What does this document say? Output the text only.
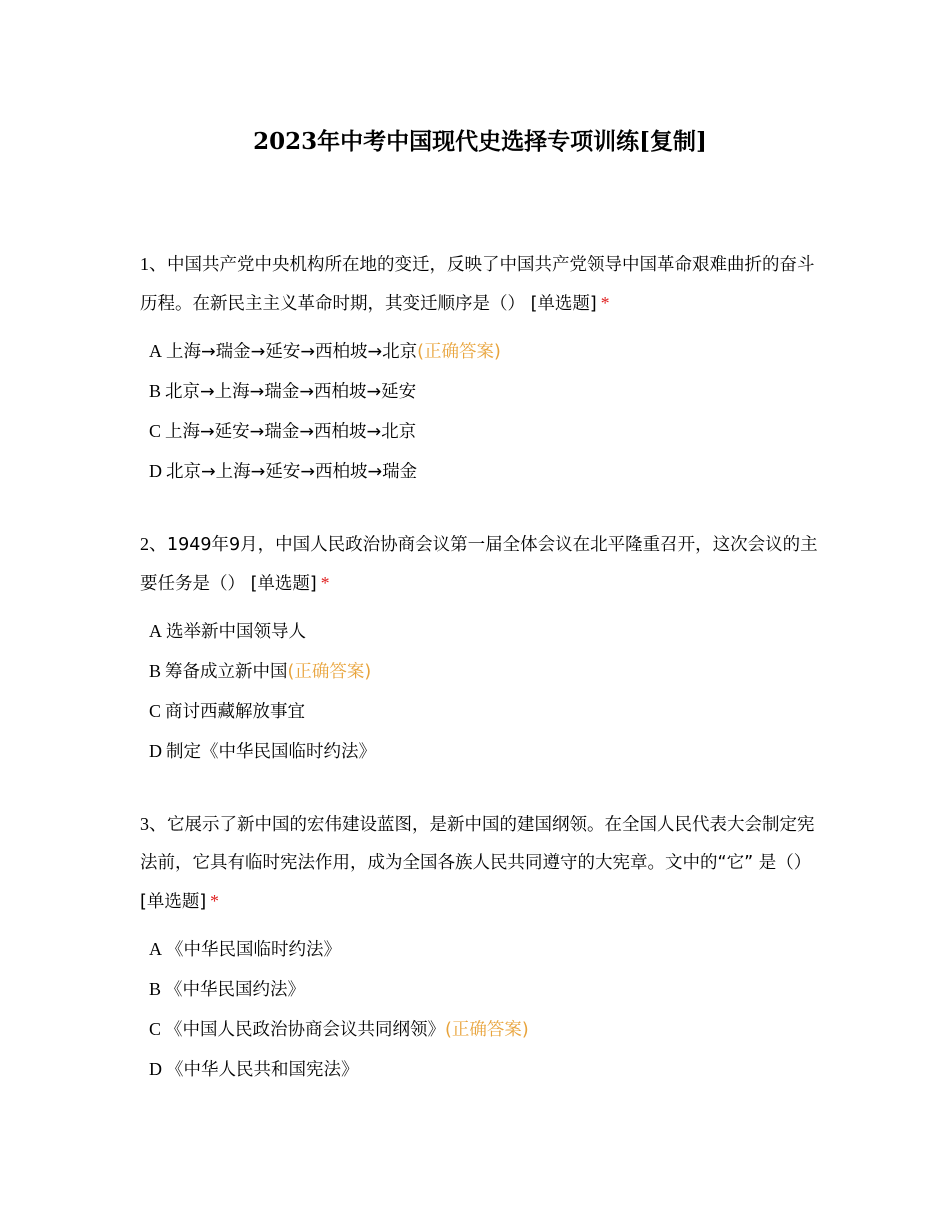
2023年中考中国现代史选择专项训练[复制]

1、中国共产党中央机构所在地的变迁，反映了中国共产党领导中国革命艰难曲折的奋斗历程。在新民主主义革命时期，其变迁顺序是（） [单选题] *

A 上海→瑞金→延安→西柏坡→北京(正确答案)
B 北京→上海→瑞金→西柏坡→延安
C 上海→延安→瑞金→西柏坡→北京
D 北京→上海→延安→西柏坡→瑞金

2、1949年9月，中国人民政治协商会议第一届全体会议在北平隆重召开，这次会议的主要任务是（） [单选题] *

A 选举新中国领导人
B 筹备成立新中国(正确答案)
C 商讨西藏解放事宜
D 制定《中华民国临时约法》

3、它展示了新中国的宏伟建设蓝图，是新中国的建国纲领。在全国人民代表大会制定宪法前，它具有临时宪法作用，成为全国各族人民共同遵守的大宪章。文中的“它” 是（） [单选题] *

A 《中华民国临时约法》
B 《中华民国约法》
C 《中国人民政治协商会议共同纲领》(正确答案)
D 《中华人民共和国宪法》
